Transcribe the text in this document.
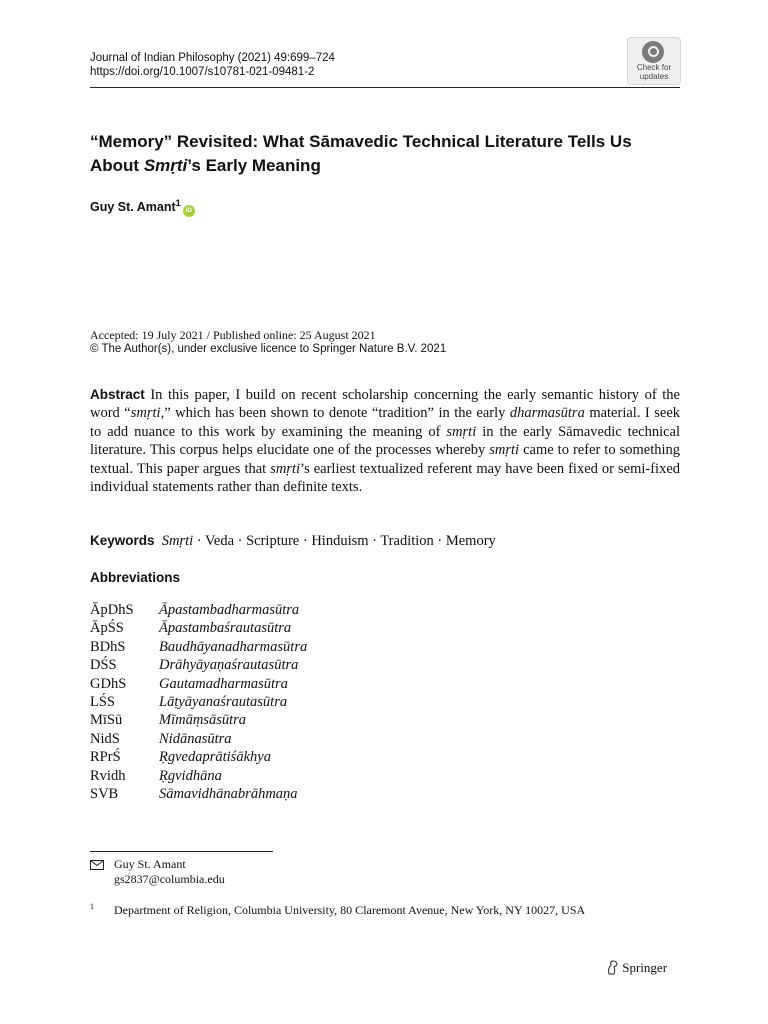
Journal of Indian Philosophy (2021) 49:699–724
https://doi.org/10.1007/s10781-021-09481-2	Check for
updates
“Memory” Revisited: What Sāmavedic Technical Literature Tells Us About Smṛti’s Early Meaning
Guy St. Amant$^1$iD
Accepted: 19 July 2021 / Published online: 25 August 2021
© The Author(s), under exclusive licence to Springer Nature B.V. 2021

Abstract In this paper, I build on recent scholarship concerning the early semantic history of the word “smṛti,” which has been shown to denote “tradition” in the early dharmasūtra material. I seek to add nuance to this work by examining the meaning of smṛti in the early Sāmavedic technical literature. This corpus helps elucidate one of the processes whereby smṛti came to refer to something textual. This paper argues that smṛti’s earliest textualized referent may have been fixed or semi-fixed individual statements rather than definite texts.

Keywords Smṛti · Veda · Scripture · Hinduism · Tradition · Memory
Abbreviations
ĀpDhS Āpastambadharmasūtra
ĀpŚS Āpastambaśrautasūtra
BDhS Baudhāyanadharmasūtra
DŚS	Drāhyāyaṇaśrautasūtra
GDhS Gautamadharmasūtra
LŚS	Lāṭyāyanaśrautasūtra
MīSū	Mīmāṃsāsūtra
NidS	Nidānasūtra
RPrŚ	Ṛgvedaprātiśākhya
Rvidh Ṛgvidhāna
SVB	Sāmavidhānabrāhmaṇa
Guy St. Amant
gs2837@columbia.edu
1 Department of Religion, Columbia University, 80 Claremont Avenue, New York, NY 10027, USA
Springer
